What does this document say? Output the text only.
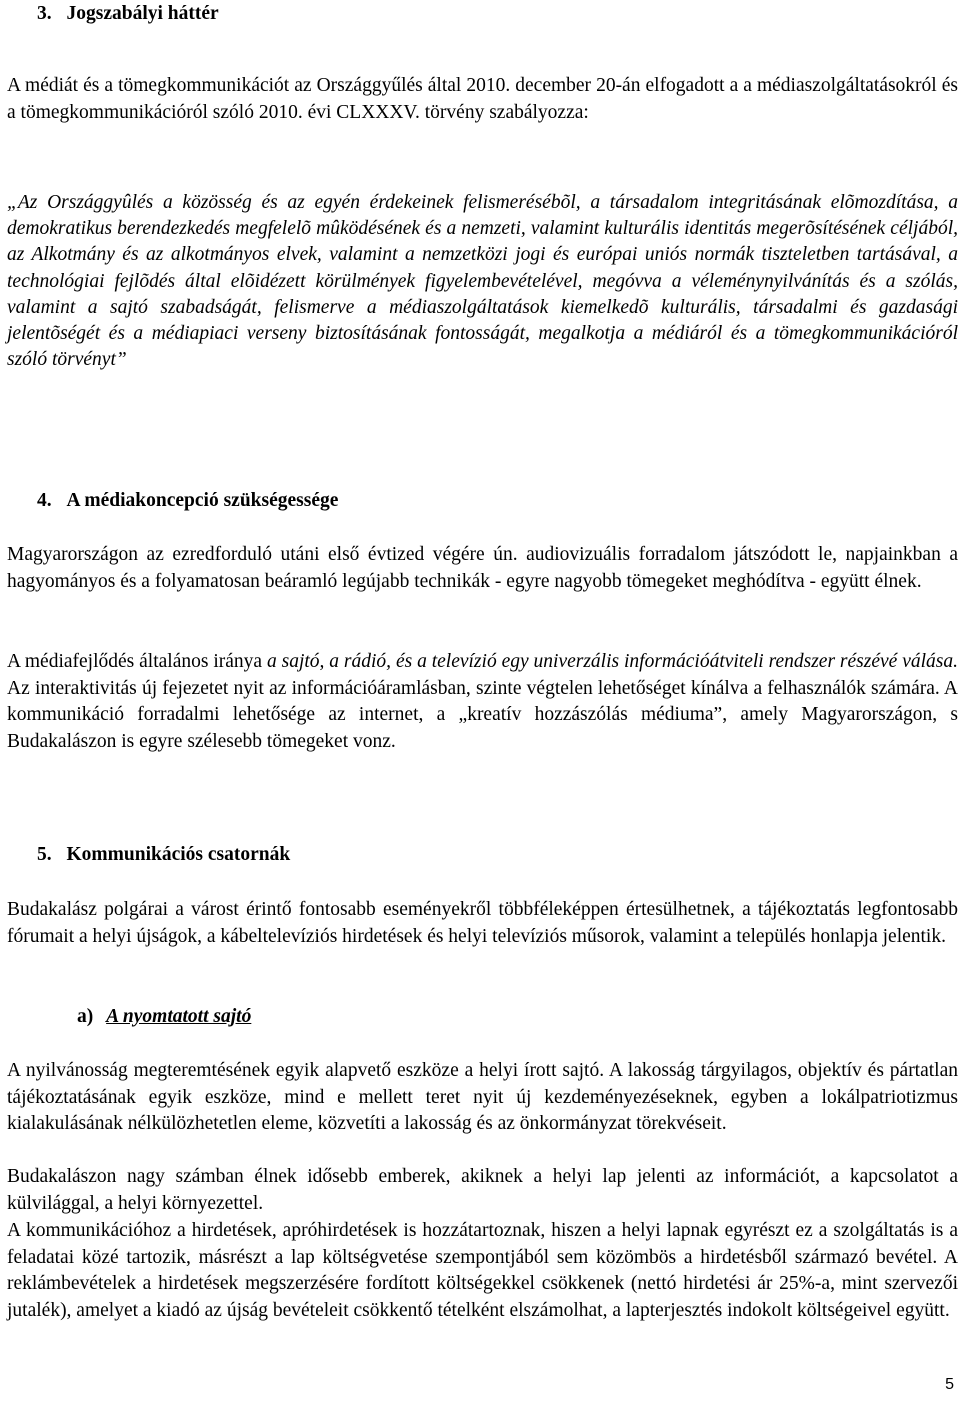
3. Jogszabályi háttér

A médiát és a tömegkommunikációt az Országgyűlés által 2010. december 20-án elfogadott a a médiaszolgáltatásokról és a tömegkommunikációról szóló 2010. évi CLXXXV. törvény szabályozza:

„Az Országgyûlés a közösség és az egyén érdekeinek felismerésébõl, a társadalom integritásának elõmozdítása, a demokratikus berendezkedés megfelelõ mûködésének és a nemzeti, valamint kulturális identitás megerõsítésének céljából, az Alkotmány és az alkotmányos elvek, valamint a nemzetközi jogi és európai uniós normák tiszteletben tartásával, a technológiai fejlõdés által elõidézett körülmények figyelembevételével, megóvva a véleménynyilvánítás és a szólás, valamint a sajtó szabadságát, felismerve a médiaszolgáltatások kiemelkedõ kulturális, társadalmi és gazdasági jelentõségét és a médiapiaci verseny biztosításának fontosságát, megalkotja a médiáról és a tömegkommunikációról szóló törvényt”

4. A médiakoncepció szükségessége

Magyarországon az ezredforduló utáni első évtized végére ún. audiovizuális forradalom játszódott le, napjainkban a hagyományos és a folyamatosan beáramló legújabb technikák - egyre nagyobb tömegeket meghódítva - együtt élnek.

A médiafejlődés általános iránya a sajtó, a rádió, és a televízió egy univerzális információátviteli rendszer részévé válása. Az interaktivitás új fejezetet nyit az információáramlásban, szinte végtelen lehetőséget kínálva a felhasználók számára. A kommunikáció forradalmi lehetősége az internet, a „kreatív hozzászólás médiuma”, amely Magyarországon, s Budakalászon is egyre szélesebb tömegeket vonz.

5. Kommunikációs csatornák

Budakalász polgárai a várost érintő fontosabb eseményekről többféleképpen értesülhetnek, a tájékoztatás legfontosabb fórumait a helyi újságok, a kábeltelevíziós hirdetések és helyi televíziós műsorok, valamint a település honlapja jelentik.

a) A nyomtatott sajtó

A nyilvánosság megteremtésének egyik alapvető eszköze a helyi írott sajtó. A lakosság tárgyilagos, objektív és pártatlan tájékoztatásának egyik eszköze, mind e mellett teret nyit új kezdeményezéseknek, egyben a lokálpatriotizmus kialakulásának nélkülözhetetlen eleme, közvetíti a lakosság és az önkormányzat törekvéseit.

Budakalászon nagy számban élnek idősebb emberek, akiknek a helyi lap jelenti az információt, a kapcsolatot a külvilággal, a helyi környezettel.

A kommunikációhoz a hirdetések, apróhirdetések is hozzátartoznak, hiszen a helyi lapnak egyrészt ez a szolgáltatás is a feladatai közé tartozik, másrészt a lap költségvetése szempontjából sem közömbös a hirdetésből származó bevétel. A reklámbevételek a hirdetések megszerzésére fordított költségekkel csökkenek (nettó hirdetési ár 25%-a, mint szervezői jutalék), amelyet a kiadó az újság bevételeit csökkentő tételként elszámolhat, a lapterjesztés indokolt költségeivel együtt.

5
